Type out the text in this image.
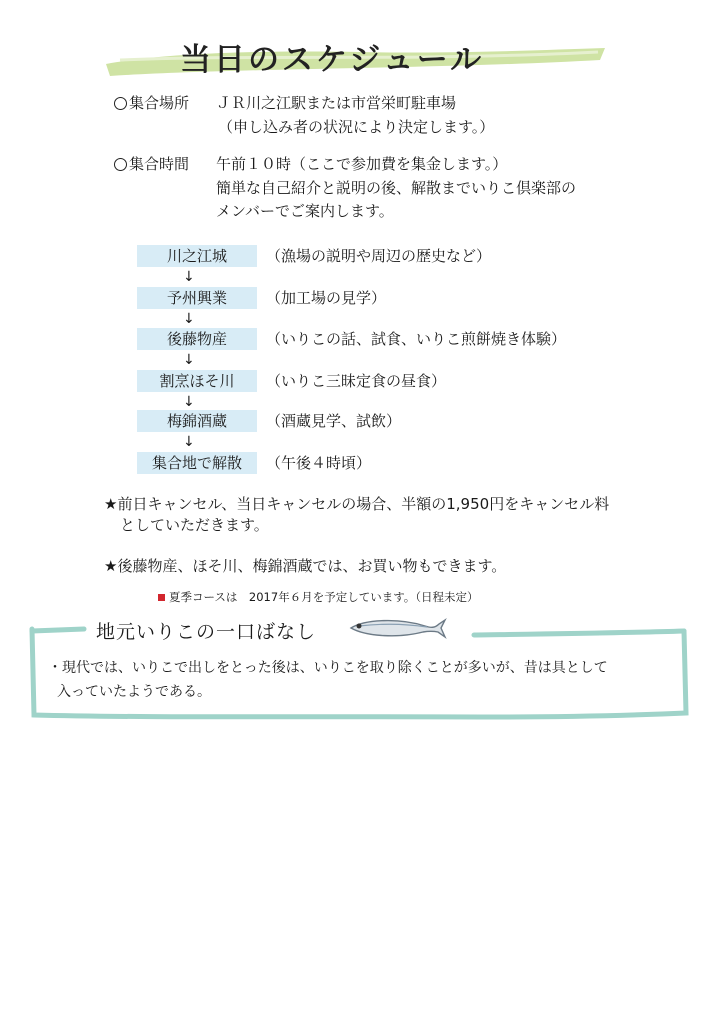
当日のスケジュール
集合場所 ＪＲ川之江駅または市営栄町駐車場
（申し込み者の状況により決定します。）
集合時間 午前１０時（ここで参加費を集金します。）
簡単な自己紹介と説明の後、解散までいりこ倶楽部の
メンバーでご案内します。
川之江城	（漁場の説明や周辺の歴史など）
↓
予州興業	（加工場の見学）
↓
後藤物産	（いりこの話、試食、いりこ煎餅焼き体験）
↓
割烹ほそ川	（いりこ三昧定食の昼食）
↓
梅錦酒蔵	（酒蔵見学、試飲）
↓
集合地で解散	（午後４時頃）
★前日キャンセル、当日キャンセルの場合、半額の1,950円をキャンセル料
としていただきます。
★後藤物産、ほそ川、梅錦酒蔵では、お買い物もできます。
夏季コースは　2017年６月を予定しています。（日程未定）
地元いりこの一口ばなし
・現代では、いりこで出しをとった後は、いりこを取り除くことが多いが、昔は具として
入っていたようである。
